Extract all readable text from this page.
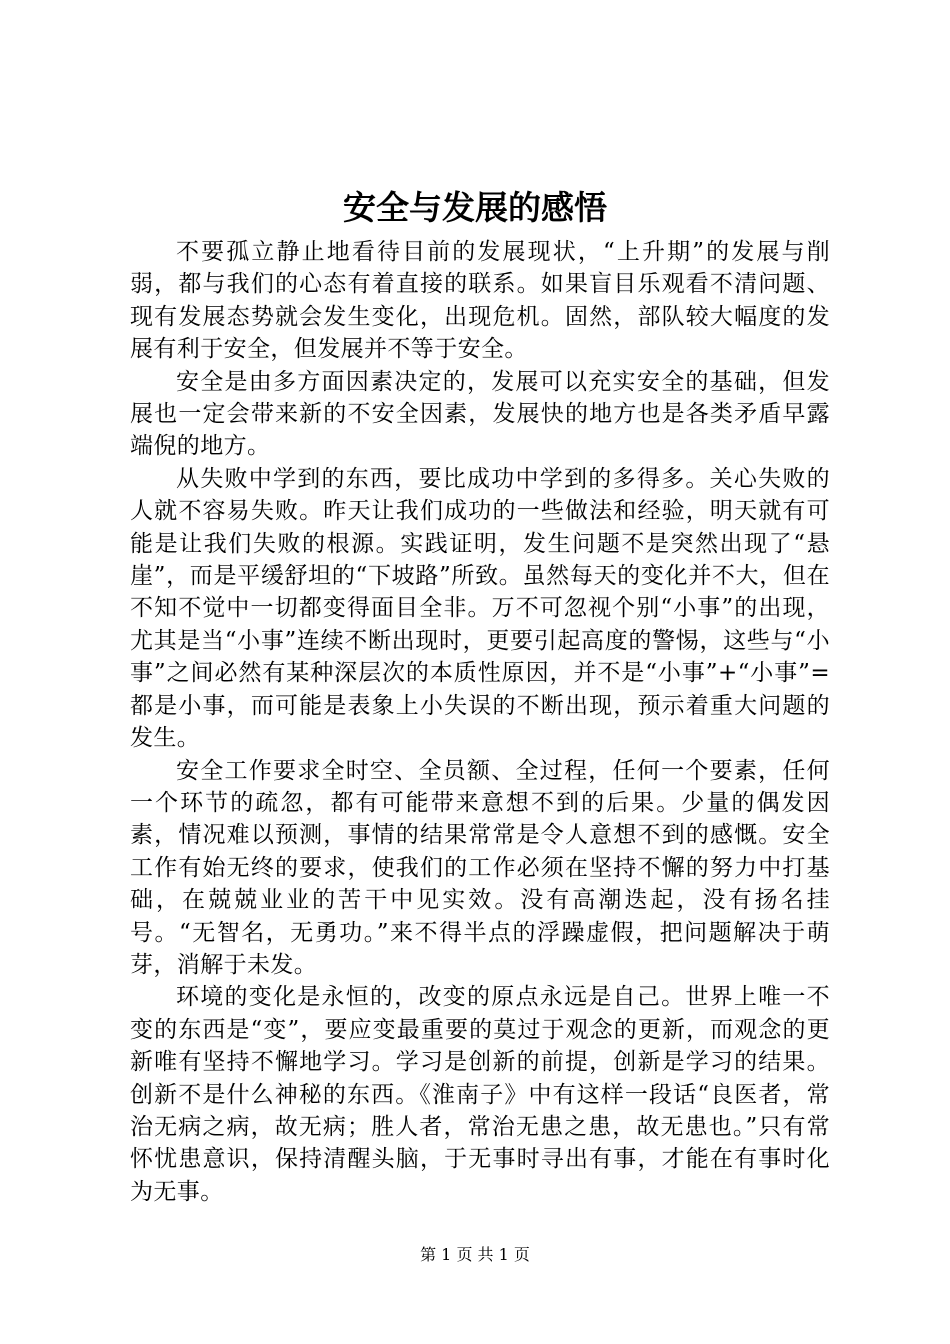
安全与发展的感悟

不要孤立静止地看待目前的发展现状，“上升期”的发展与削弱，都与我们的心态有着直接的联系。如果盲目乐观看不清问题、现有发展态势就会发生变化，出现危机。固然，部队较大幅度的发展有利于安全，但发展并不等于安全。

安全是由多方面因素决定的，发展可以充实安全的基础，但发展也一定会带来新的不安全因素，发展快的地方也是各类矛盾早露端倪的地方。

从失败中学到的东西，要比成功中学到的多得多。关心失败的人就不容易失败。昨天让我们成功的一些做法和经验，明天就有可能是让我们失败的根源。实践证明，发生问题不是突然出现了“悬崖”，而是平缓舒坦的“下坡路”所致。虽然每天的变化并不大，但在不知不觉中一切都变得面目全非。万不可忽视个别“小事”的出现，尤其是当“小事”连续不断出现时，更要引起高度的警惕，这些与“小事”之间必然有某种深层次的本质性原因，并不是“小事”+“小事”=都是小事，而可能是表象上小失误的不断出现，预示着重大问题的发生。

安全工作要求全时空、全员额、全过程，任何一个要素，任何一个环节的疏忽，都有可能带来意想不到的后果。少量的偶发因素，情况难以预测，事情的结果常常是令人意想不到的感慨。安全工作有始无终的要求，使我们的工作必须在坚持不懈的努力中打基础，在兢兢业业的苦干中见实效。没有高潮迭起，没有扬名挂号。“无智名，无勇功。”来不得半点的浮躁虚假，把问题解决于萌芽，消解于未发。

环境的变化是永恒的，改变的原点永远是自己。世界上唯一不变的东西是“变”，要应变最重要的莫过于观念的更新，而观念的更新唯有坚持不懈地学习。学习是创新的前提，创新是学习的结果。创新不是什么神秘的东西。《淮南子》中有这样一段话“良医者，常治无病之病，故无病；胜人者，常治无患之患，故无患也。”只有常怀忧患意识，保持清醒头脑，于无事时寻出有事，才能在有事时化为无事。

第 1 页 共 1 页
